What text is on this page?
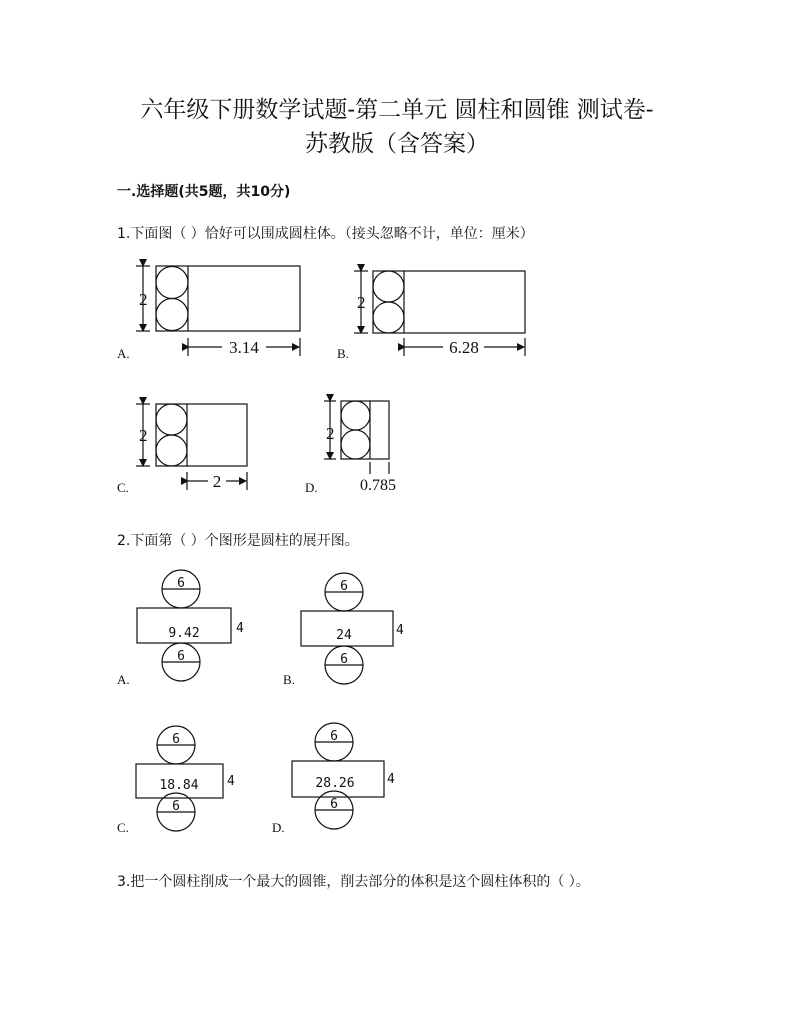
六年级下册数学试题-第二单元 圆柱和圆锥 测试卷-
苏教版（含答案）
一.选择题(共5题，共10分)
1.下面图（ ）恰好可以围成圆柱体。（接头忽略不计，单位：厘米）
2.下面第（ ）个图形是圆柱的展开图。
3.把一个圆柱削成一个最大的圆锥，削去部分的体积是这个圆柱体积的（ ）。
A.	B.
C.	D.
A.	B.
C.	D.
2
3.14
2
6.28
2
2
2
0.785
6
9.42	4
6
6
24	4
6
6
18.84 4
6
6
28.26 4
6
